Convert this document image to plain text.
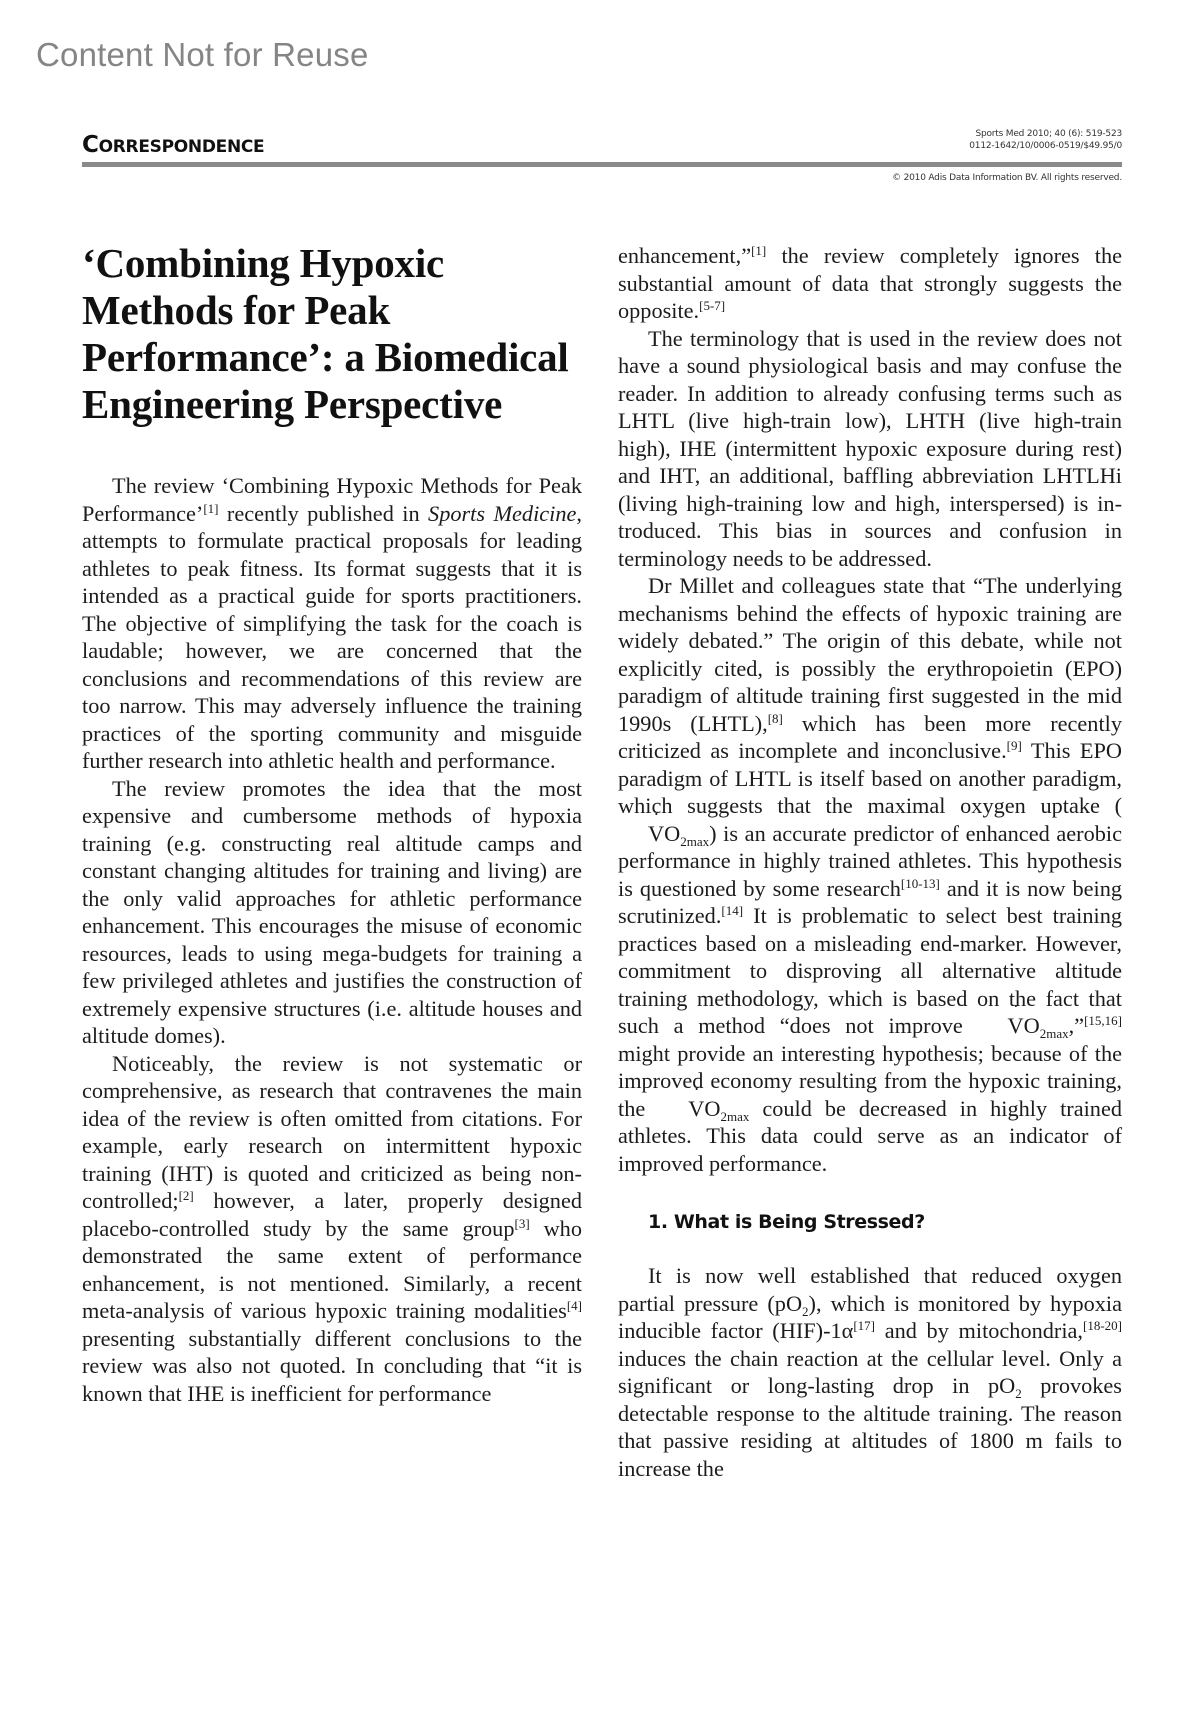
Content Not for Reuse
CORRESPONDENCE
Sports Med 2010; 40 (6): 519-523
0112-1642/10/0006-0519/$49.95/0
© 2010 Adis Data Information BV. All rights reserved.
‘Combining Hypoxic Methods for Peak Performance’: a Biomedical Engineering Perspective

The review ‘Combining Hypoxic Methods for Peak Performance’[1] recently published in Sports Medicine, attempts to formulate practical proposals for leading athletes to peak fitness. Its format suggests that it is intended as a practical guide for sports practitioners. The objective of simplifying the task for the coach is laudable; however, we are concerned that the conclusions and recommendations of this review are too narrow. This may adversely influence the training practices of the sporting community and misguide further research into athletic health and performance.

The review promotes the idea that the most expensive and cumbersome methods of hypoxia training (e.g. constructing real altitude camps and constant changing altitudes for training and living) are the only valid approaches for athletic performance enhancement. This encourages the misuse of economic resources, leads to using mega-budgets for training a few privileged athletes and justifies the construction of extremely expensive structures (i.e. altitude houses and altitude domes).

Noticeably, the review is not systematic or comprehensive, as research that contravenes the main idea of the review is often omitted from citations. For example, early research on intermittent hypoxic training (IHT) is quoted and criticized as being non-controlled;[2] however, a later, properly designed placebo-controlled study by the same group[3] who demonstrated the same extent of performance enhancement, is not mentioned. Similarly, a recent meta-analysis of various hypoxic training modalities[4] presenting substantially different conclusions to the review was also not quoted. In concluding that “it is known that IHE is inefficient for performance

enhancement,”[1] the review completely ignores the substantial amount of data that strongly suggests the opposite.[5-7]

The terminology that is used in the review does not have a sound physiological basis and may confuse the reader. In addition to already confusing terms such as LHTL (live high-train low), LHTH (live high-train high), IHE (intermittent hypoxic exposure during rest) and IHT, an additional, baffling abbreviation LHTLHi (living high-training low and high, interspersed) is introduced. This bias in sources and confusion in terminology needs to be addressed.

Dr Millet and colleagues state that “The underlying mechanisms behind the effects of hypoxic training are widely debated.” The origin of this debate, while not explicitly cited, is possibly the erythropoietin (EPO) paradigm of altitude training first suggested in the mid 1990s (LHTL),[8] which has been more recently criticized as incomplete and inconclusive.[9] This EPO paradigm of LHTL is itself based on another paradigm, which suggests that the maximal oxygen uptake (˙ $VO_{2max}$) is an accurate predictor of enhanced aerobic performance in highly trained athletes. This hypothesis is questioned by some research[10-13] and it is now being scrutinized.[14] It is problematic to select best training practices based on a misleading end-marker. However, commitment to disproving all alternative altitude training methodology, which is based on the fact that such a method “does not improve ˙ $VO_{2max},”[15,16]$ might provide an interesting hypothesis; because of the improved economy resulting from the hypoxic training, the ˙ $VO_{2max}$ could be decreased in highly trained athletes. This data could serve as an indicator of improved performance.

1. What is Being Stressed?

It is now well established that reduced oxygen partial pressure $(pO_2)$, which is monitored by hypoxia inducible factor (HIF)-1α[17] and by mitochondria,[18-20] induces the chain reaction at the cellular level. Only a significant or long-lasting drop in $pO_2$ provokes detectable response to the altitude training. The reason that passive residing at altitudes of 1800 m fails to increase the
